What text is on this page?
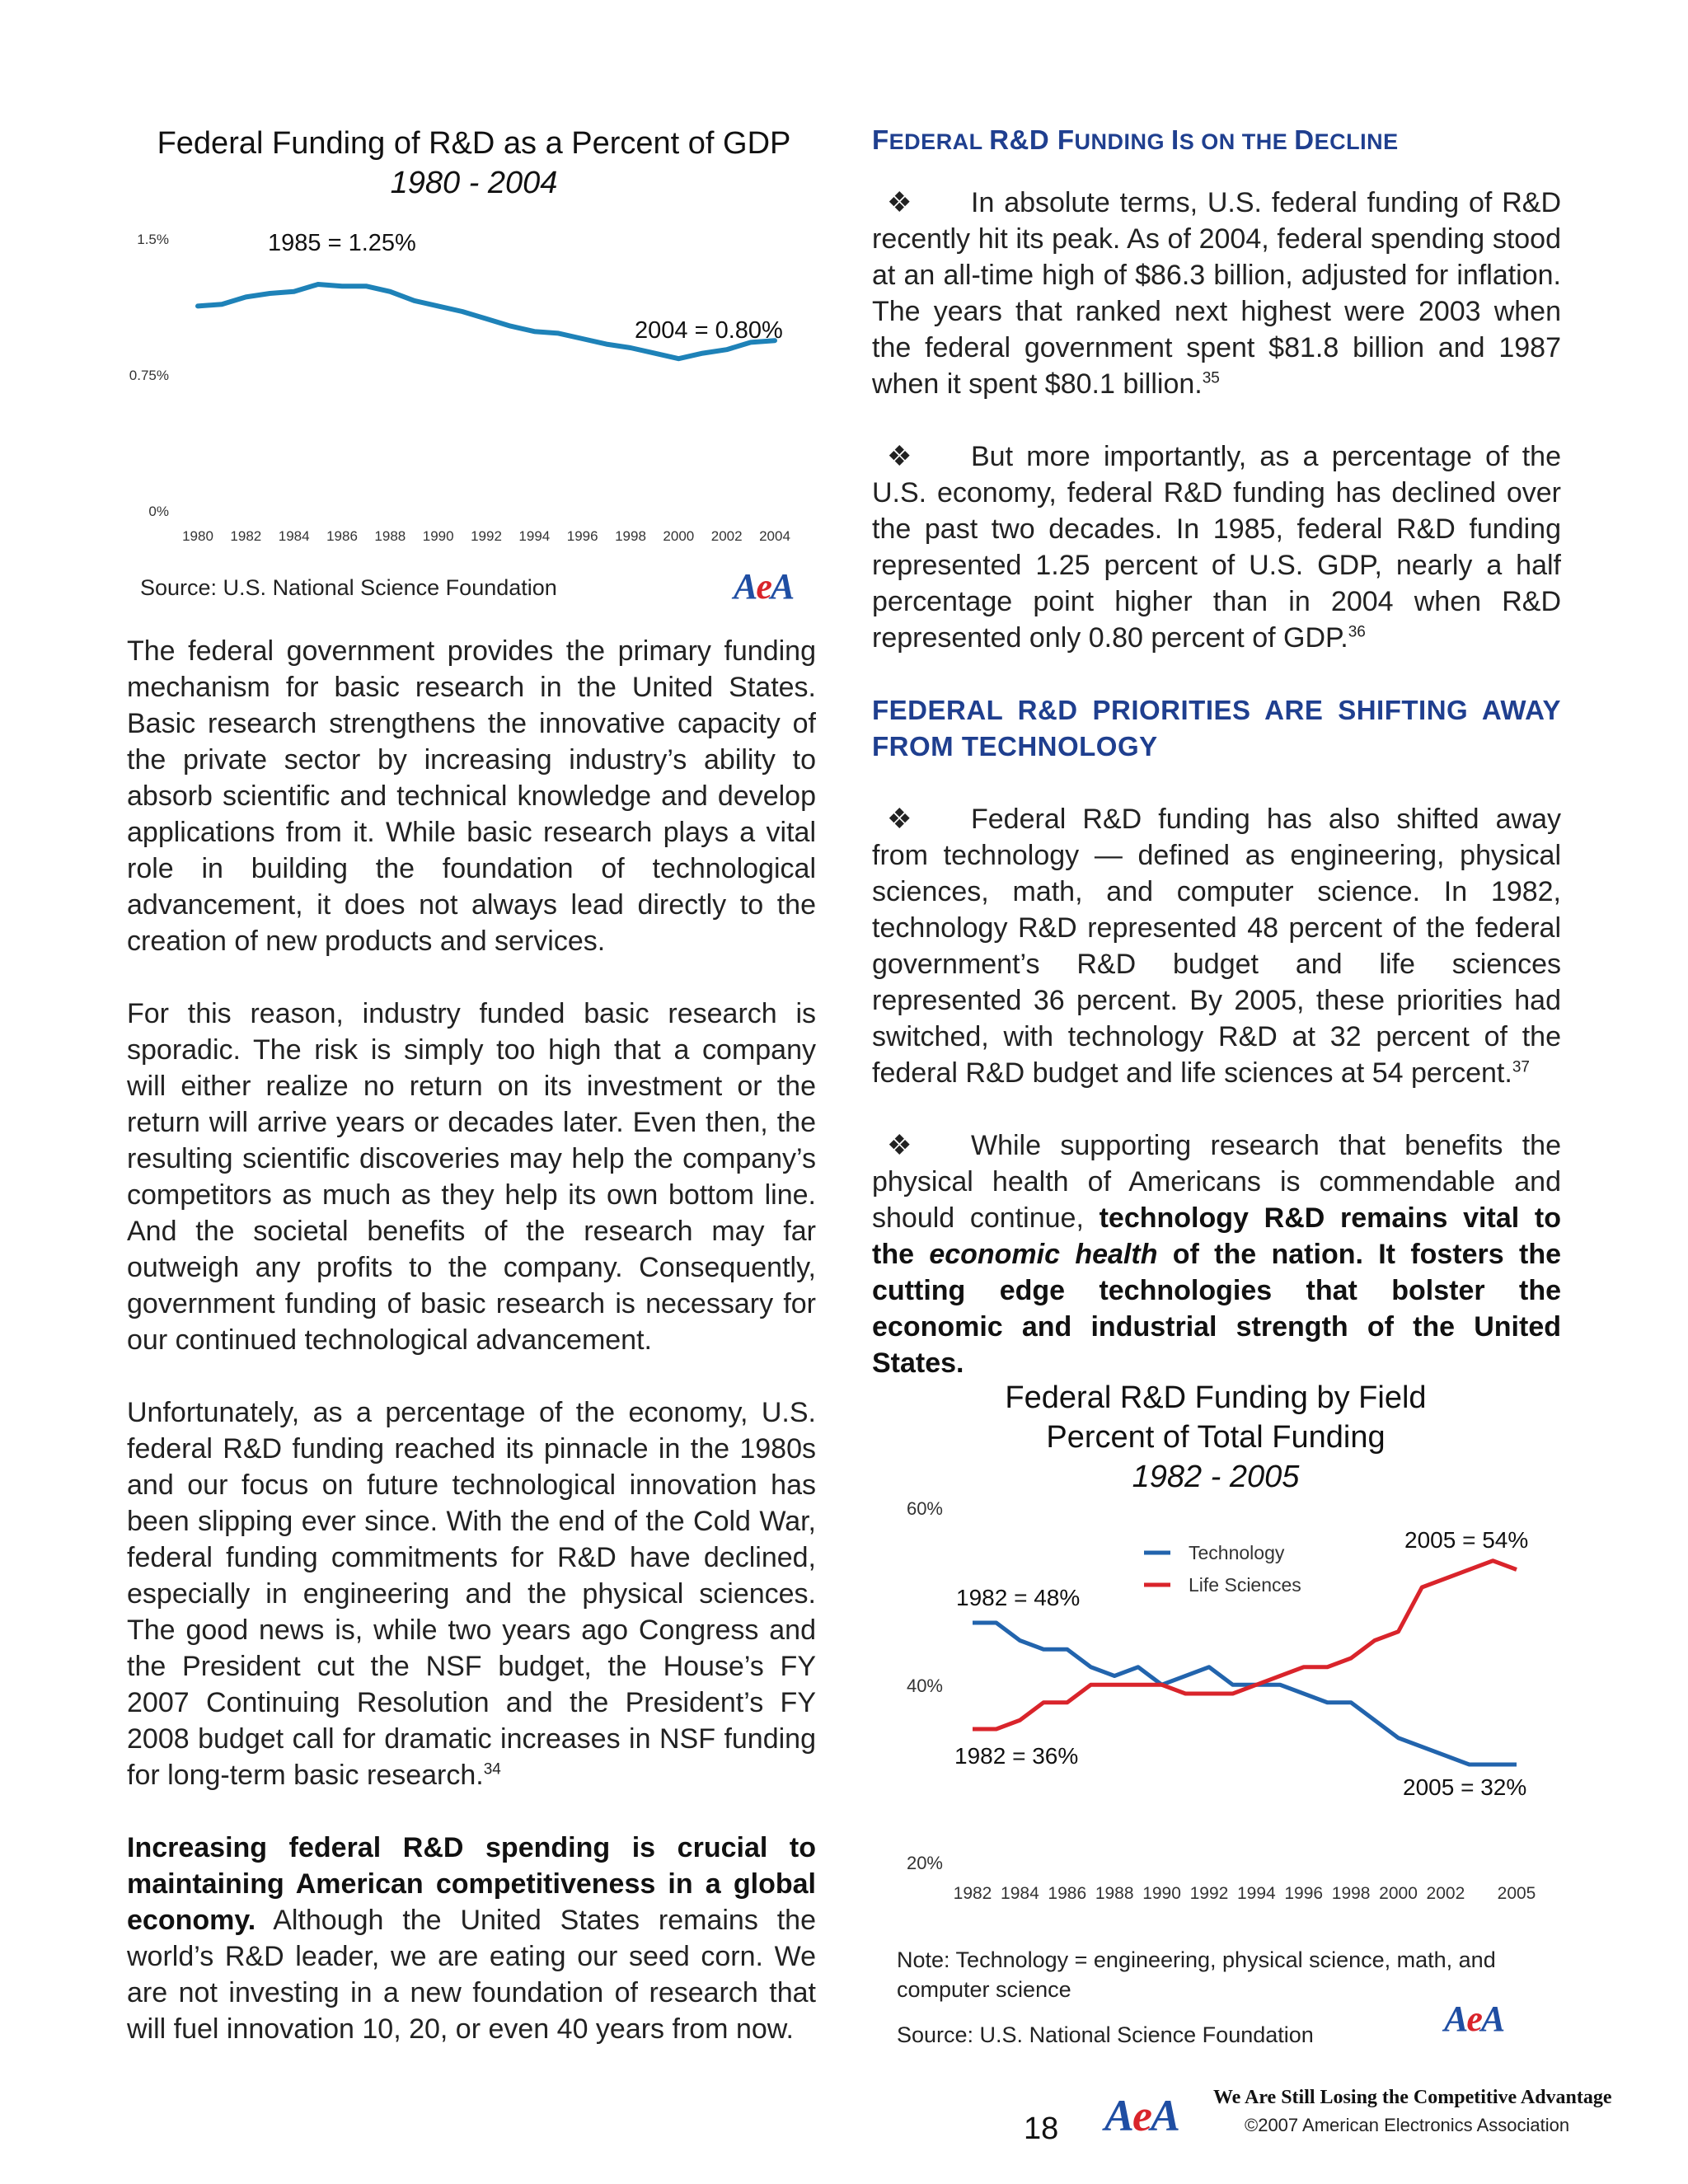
Federal Funding of R&D as a Percent of GDP
1980 - 2004
1.5%
0.75%
0%
1980 1982 1984 1986 1988 1990 1992 1994 1996 1998 2000 2002 2004
1985 = 1.25%
2004 = 0.80%
Source: U.S. National Science Foundation	AeA

The federal government provides the primary funding mechanism for basic research in the United States. Basic research strengthens the innovative capacity of the private sector by increasing industry’s ability to absorb scientific and technical knowledge and develop applications from it. While basic research plays a vital role in building the foundation of technological advancement, it does not always lead directly to the creation of new products and services.

For this reason, industry funded basic research is sporadic. The risk is simply too high that a company will either realize no return on its investment or the return will arrive years or decades later. Even then, the resulting scientific discoveries may help the company’s competitors as much as they help its own bottom line. And the societal benefits of the research may far outweigh any profits to the company. Consequently, government funding of basic research is necessary for our continued technological advancement.

Unfortunately, as a percentage of the economy, U.S. federal R&D funding reached its pinnacle in the 1980s and our focus on future technological innovation has been slipping ever since. With the end of the Cold War, federal funding commitments for R&D have declined, especially in engineering and the physical sciences. The good news is, while two years ago Congress and the President cut the NSF budget, the House’s FY 2007 Continuing Resolution and the President’s FY 2008 budget call for dramatic increases in NSF funding for long-term basic research.$^{34}$

Increasing federal R&D spending is crucial to maintaining American competitiveness in a global economy. Although the United States remains the world’s R&D leader, we are eating our seed corn. We are not investing in a new foundation of research that will fuel innovation 10, 20, or even 40 years from now.

FEDERAL R&D FUNDING IS ON THE DECLINE

❖ In absolute terms, U.S. federal funding of R&D recently hit its peak. As of 2004, federal spending stood at an all-time high of $86.3 billion, adjusted for inflation. The years that ranked next highest were 2003 when the federal government spent $81.8 billion and 1987 when it spent $80.1 billion.$^{35}$

❖ But more importantly, as a percentage of the U.S. economy, federal R&D funding has declined over the past two decades. In 1985, federal R&D funding represented 1.25 percent of U.S. GDP, nearly a half percentage point higher than in 2004 when R&D represented only 0.80 percent of GDP.$^{36}$

FEDERAL R&D PRIORITIES ARE SHIFTING AWAY FROM TECHNOLOGY

❖ Federal R&D funding has also shifted away from technology — defined as engineering, physical sciences, math, and computer science. In 1982, technology R&D represented 48 percent of the federal government’s R&D budget and life sciences represented 36 percent. By 2005, these priorities had switched, with technology R&D at 32 percent of the federal R&D budget and life sciences at 54 percent.$^{37}$

❖ While supporting research that benefits the physical health of Americans is commendable and should continue, technology R&D remains vital to the economic health of the nation. It fosters the cutting edge technologies that bolster the economic and industrial strength of the United States.

Federal R&D Funding by Field
Percent of Total Funding
1982 - 2005
60%
40%
20%
1982 1984 1986 1988 1990 1992 1994 1996 1998 2000 2002 2005
Technology
Life Sciences
1982 = 48%
1982 = 36%
2005 = 54%
2005 = 32%
Note: Technology = engineering, physical science, math, and computer science
Source: U.S. National Science Foundation	AeA
18 AeA We Are Still Losing the Competitive Advantage
©2007 American Electronics Association
